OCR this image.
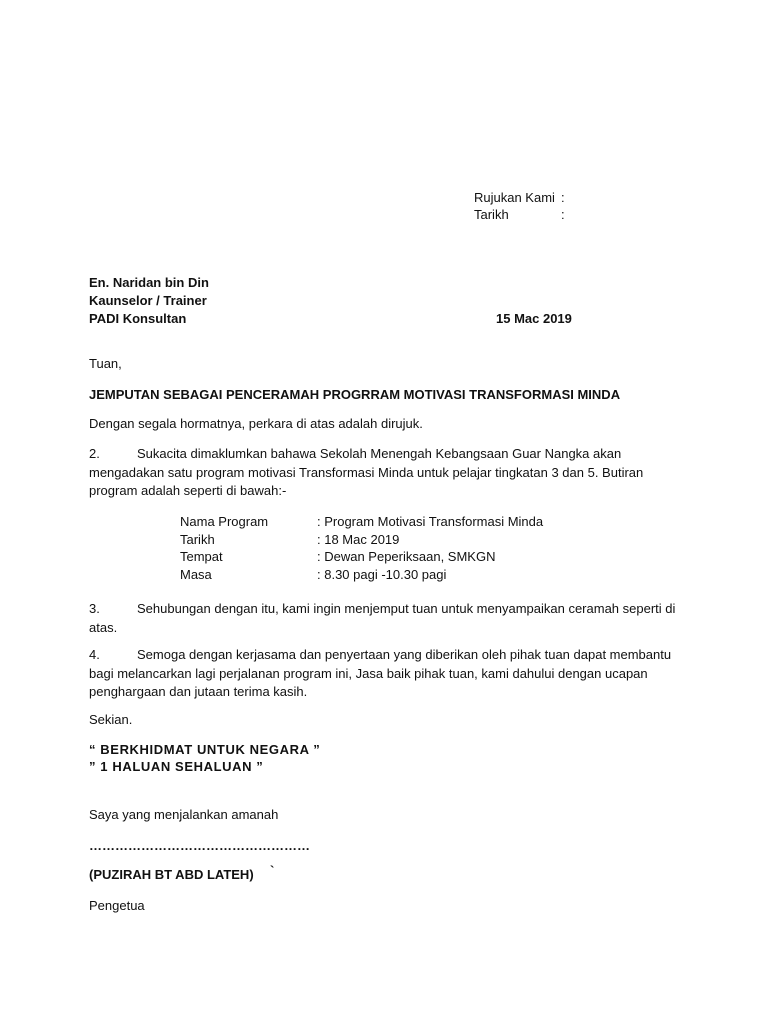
Rujukan Kami :
Tarikh	:
En. Naridan bin Din
Kaunselor / Trainer
PADI Konsultan	15 Mac 2019
Tuan,
JEMPUTAN SEBAGAI PENCERAMAH PROGRRAM MOTIVASI TRANSFORMASI MINDA
Dengan segala hormatnya, perkara di atas adalah dirujuk.
2.	Sukacita dimaklumkan bahawa Sekolah Menengah Kebangsaan Guar Nangka akan mengadakan satu program motivasi Transformasi Minda untuk pelajar tingkatan 3 dan 5. Butiran program adalah seperti di bawah:-
Nama Program	: Program Motivasi Transformasi Minda
Tarikh	: 18 Mac 2019
Tempat	: Dewan Peperiksaan, SMKGN
Masa	: 8.30 pagi -10.30 pagi
3.	Sehubungan dengan itu, kami ingin menjemput tuan untuk menyampaikan ceramah seperti di atas.
4.	Semoga dengan kerjasama dan penyertaan yang diberikan oleh pihak tuan dapat membantu bagi melancarkan lagi perjalanan program ini, Jasa baik pihak tuan, kami dahului dengan ucapan penghargaan dan jutaan terima kasih.
Sekian.
“ BERKHIDMAT UNTUK NEGARA ”
” 1 HALUAN SEHALUAN ”
Saya yang menjalankan amanah
……………………………………………
(PUZIRAH BT ABD LATEH) `
Pengetua
